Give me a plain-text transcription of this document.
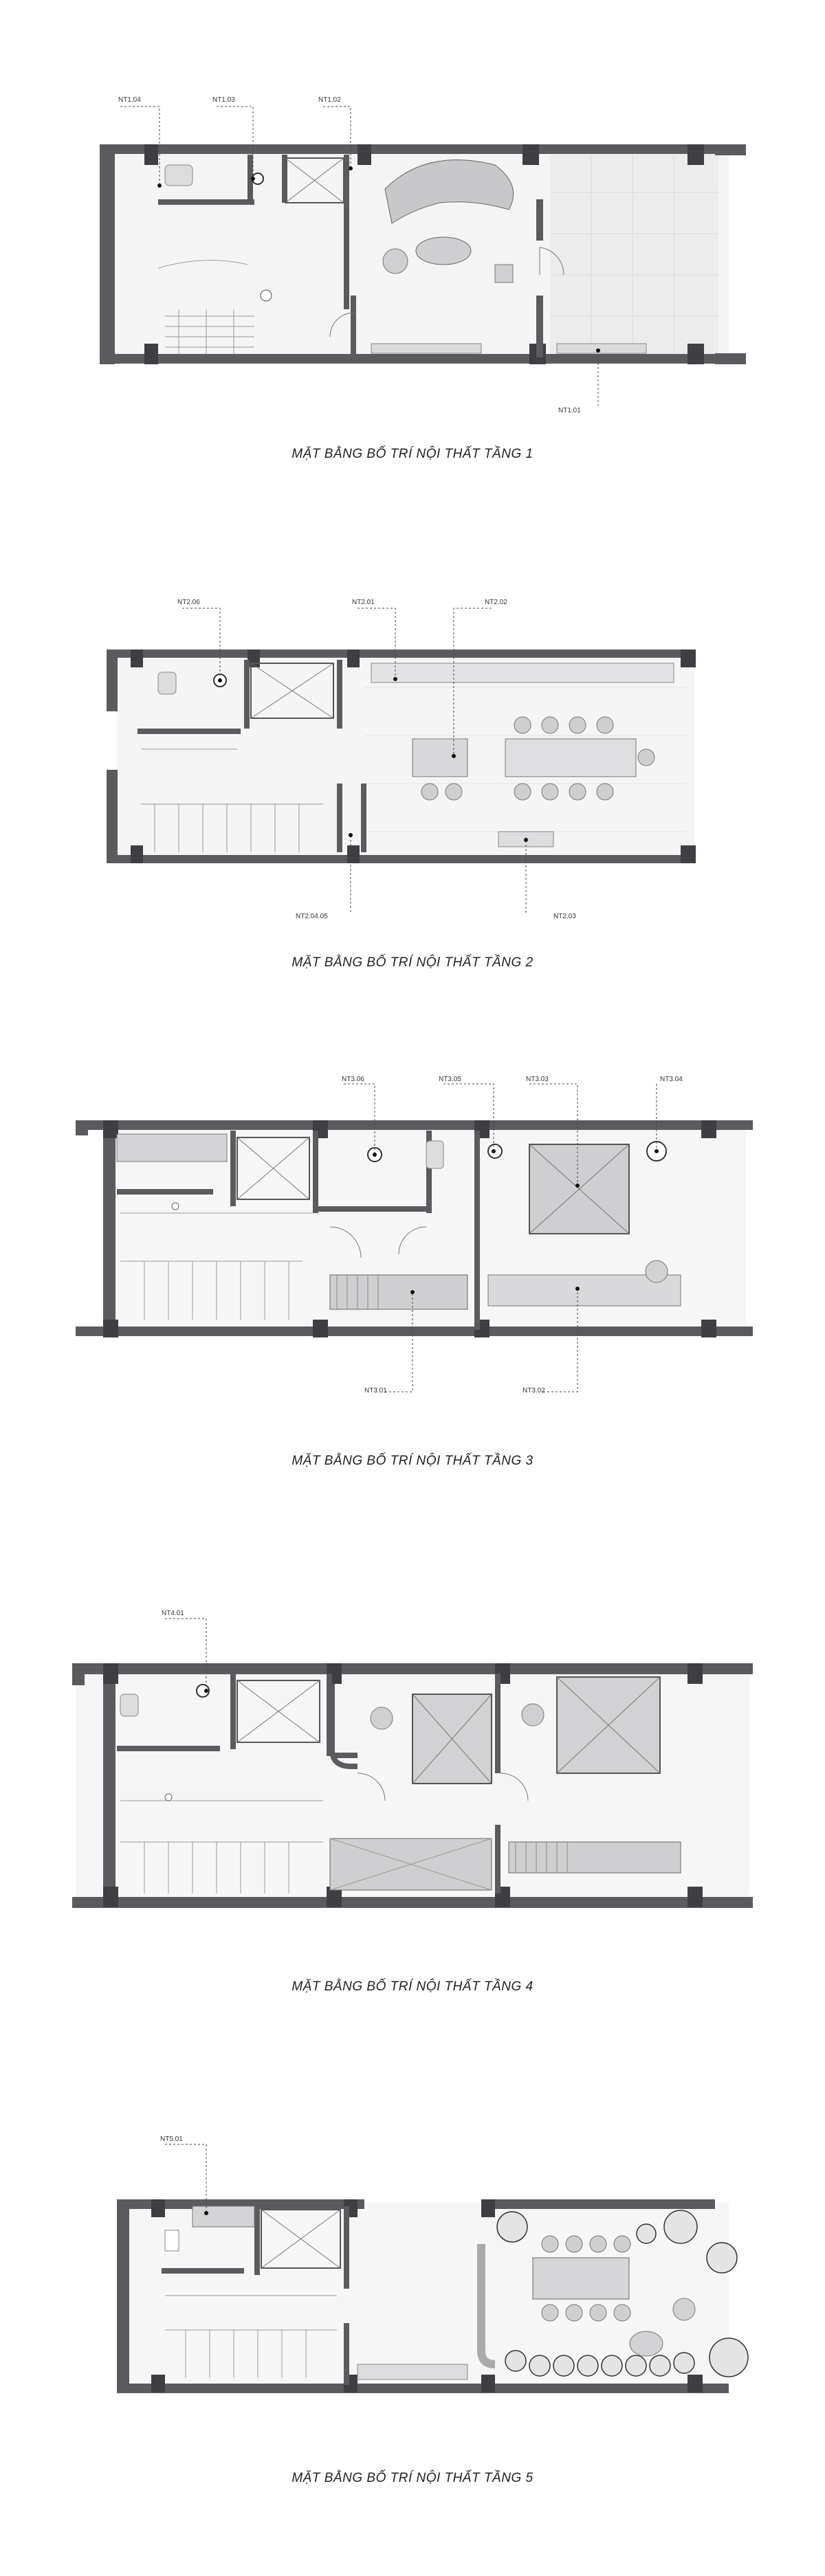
NT1.04	NT1.03	NT1.02
NT1.01
MẶT BẰNG BỐ TRÍ NỘI THẤT TẦNG 1
NT2.06	NT2.01	NT2.02
NT2.04.05	NT2.03
MẶT BẰNG BỐ TRÍ NỘI THẤT TẦNG 2
NT3.06	NT3.05	NT3.03	NT3.04
NT3.01	NT3.02
MẶT BẰNG BỐ TRÍ NỘI THẤT TẦNG 3
NT4.01
MẶT BẰNG BỐ TRÍ NỘI THẤT TẦNG 4
NT5.01
MẶT BẰNG BỐ TRÍ NỘI THẤT TẦNG 5
